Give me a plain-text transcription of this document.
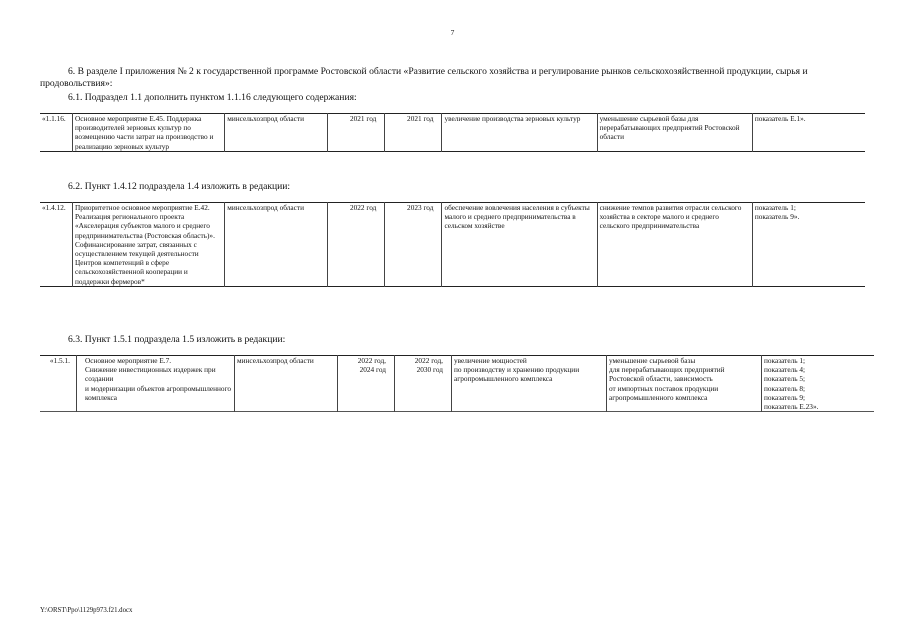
7
6. В разделе I приложения № 2 к государственной программе Ростовской области «Развитие сельского хозяйства и регулирование рынков сельскохозяйственной продукции, сырья и продовольствия»:
6.1. Подраздел 1.1 дополнить пунктом 1.1.16 следующего содержания:
«1.1.16.	Основное мероприятие Е.45. Поддержка производителей зерновых культур по возмещению части затрат на производство и реализацию зерновых культур	минсельхозпрод области	2021 год	2021 год	увеличение производства зерновых культур	уменьшение сырьевой базы для перерабатывающих предприятий Ростовской области	показатель Е.1».
6.2. Пункт 1.4.12 подраздела 1.4 изложить в редакции:
«1.4.12.	Приоритетное основное мероприятие Е.42. Реализация регионального проекта «Акселерация субъектов малого и среднего предпринимательства (Ростовская область)». Софинансирование затрат, связанных с осуществлением текущей деятельности Центров компетенций в сфере сельскохозяйственной кооперации и поддержки фермеров*	минсельхозпрод области	2022 год	2023 год	обеспечение вовлечения населения в субъекты малого и среднего предпринимательства в сельском хозяйстве	снижение темпов развития отрасли сельского хозяйства в секторе малого и среднего сельского предпринимательства	показатель 1;
показатель 9».
6.3. Пункт 1.5.1 подраздела 1.5 изложить в редакции:
«1.5.1.	Основное мероприятие Е.7.
Снижение инвестиционных издержек при создании
и модернизации объектов агропромышленного комплекса	минсельхозпрод области	2022 год,
2024 год	2022 год,
2030 год	увеличение мощностей
по производству и хранению продукции агропромышленного комплекса	уменьшение сырьевой базы
для перерабатывающих предприятий Ростовской области, зависимость
от импортных поставок продукции агропромышленного комплекса	показатель 1;
показатель 4;
показатель 5;
показатель 8;
показатель 9;
показатель Е.23».
Y:\ORST\Ppo\1129p973.f21.docx
